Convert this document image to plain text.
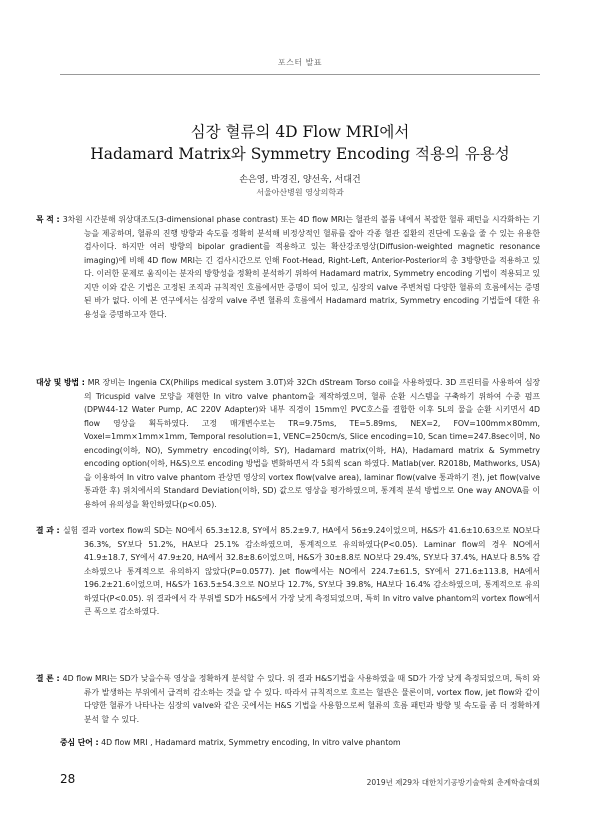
포스터 발표
심장 혈류의 4D Flow MRI에서
Hadamard Matrix와 Symmetry Encoding 적용의 유용성
손은영, 박경진, 양선욱, 서대건
서울아산병원 영상의학과
목 적 : 3차원 시간분해 위상대조도(3-dimensional phase contrast) 또는 4D flow MRI는 혈관의 볼륨 내에서 복잡한 혈류 패턴을 시각화하는 기능을 제공하며, 혈류의 진행 방향과 속도를 정확히 분석해 비정상적인 혈류를 잡아 각종 혈관 질환의 진단에 도움을 줄 수 있는 유용한 검사이다. 하지만 여러 방향의 bipolar gradient를 적용하고 있는 확산강조영상(Diffusion-weighted magnetic resonance imaging)에 비해 4D flow MRI는 긴 검사시간으로 인해 Foot-Head, Right-Left, Anterior-Posterior의 총 3방향만을 적용하고 있다. 이러한 문제로 움직이는 분자의 방향성을 정확히 분석하기 위하여 Hadamard matrix, Symmetry encoding 기법이 적용되고 있지만 이와 같은 기법은 고정된 조직과 규칙적인 흐름에서만 증명이 되어 있고, 심장의 valve 주변처럼 다양한 혈류의 흐름에서는 증명 된 바가 없다. 이에 본 연구에서는 심장의 valve 주변 혈류의 흐름에서 Hadamard matrix, Symmetry encoding 기법들에 대한 유용성을 증명하고자 한다.
대상 및 방법 : MR 장비는 Ingenia CX(Philips medical system 3.0T)와 32Ch dStream Torso coil을 사용하였다. 3D 프린터를 사용하여 심장의 Tricuspid valve 모양을 재현한 In vitro valve phantom을 제작하였으며, 혈류 순환 시스템을 구축하기 위하여 수중 펌프(DPW44-12 Water Pump, AC 220V Adapter)와 내부 직경이 15mm인 PVC호스를 결합한 이후 5L의 물을 순환 시키면서 4D flow 영상을 획득하였다. 고정 매개변수로는 TR=9.75ms, TE=5.89ms, NEX=2, FOV=100mm×80mm, Voxel=1mm×1mm×1mm, Temporal resolution=1, VENC=250cm/s, Slice encoding=10, Scan time=247.8sec이며, No encoding(이하, NO), Symmetry encoding(이하, SY), Hadamard matrix(이하, HA), Hadamard matrix & Symmetry encoding option(이하, H&S)으로 encoding 방법을 변화하면서 각 5회씩 scan 하였다. Matlab(ver. R2018b, Mathworks, USA)을 이용하여 In vitro valve phantom 관상면 영상의 vortex flow(valve area), laminar flow(valve 통과하기 전), jet flow(valve 통과한 후) 위치에서의 Standard Deviation(이하, SD) 값으로 영상을 평가하였으며, 통계적 분석 방법으로 One way ANOVA를 이용하여 유의성을 확인하였다(p<0.05).
결 과 : 실험 결과 vortex flow의 SD는 NO에서 65.3±12.8, SY에서 85.2±9.7, HA에서 56±9.24이었으며, H&S가 41.6±10.63으로 NO보다 36.3%, SY보다 51.2%, HA보다 25.1% 감소하였으며, 통계적으로 유의하였다(P<0.05). Laminar flow의 경우 NO에서 41.9±18.7, SY에서 47.9±20, HA에서 32.8±8.6이었으며, H&S가 30±8.8로 NO보다 29.4%, SY보다 37.4%, HA보다 8.5% 감소하였으나 통계적으로 유의하지 않았다(P=0.0577). Jet flow에서는 NO에서 224.7±61.5, SY에서 271.6±113.8, HA에서 196.2±21.6이었으며, H&S가 163.5±54.3으로 NO보다 12.7%, SY보다 39.8%, HA보다 16.4% 감소하였으며, 통계적으로 유의하였다(P<0.05). 위 결과에서 각 부위별 SD가 H&S에서 가장 낮게 측정되었으며, 특히 In vitro valve phantom의 vortex flow에서 큰 폭으로 감소하였다.
결 론 : 4D flow MRI는 SD가 낮을수록 영상을 정확하게 분석할 수 있다. 위 결과 H&S기법을 사용하였을 때 SD가 가장 낮게 측정되었으며, 특히 와류가 발생하는 부위에서 급격히 감소하는 것을 알 수 있다. 따라서 규칙적으로 흐르는 혈관은 물론이며, vortex flow, jet flow와 같이 다양한 혈류가 나타나는 심장의 valve와 같은 곳에서는 H&S 기법을 사용함으로써 혈류의 흐름 패턴과 방향 및 속도를 좀 더 정확하게 분석 할 수 있다.
중심 단어 : 4D flow MRI , Hadamard matrix, Symmetry encoding, In vitro valve phantom
28	2019년 제29차 대한치기공방기술학회 춘계학술대회
